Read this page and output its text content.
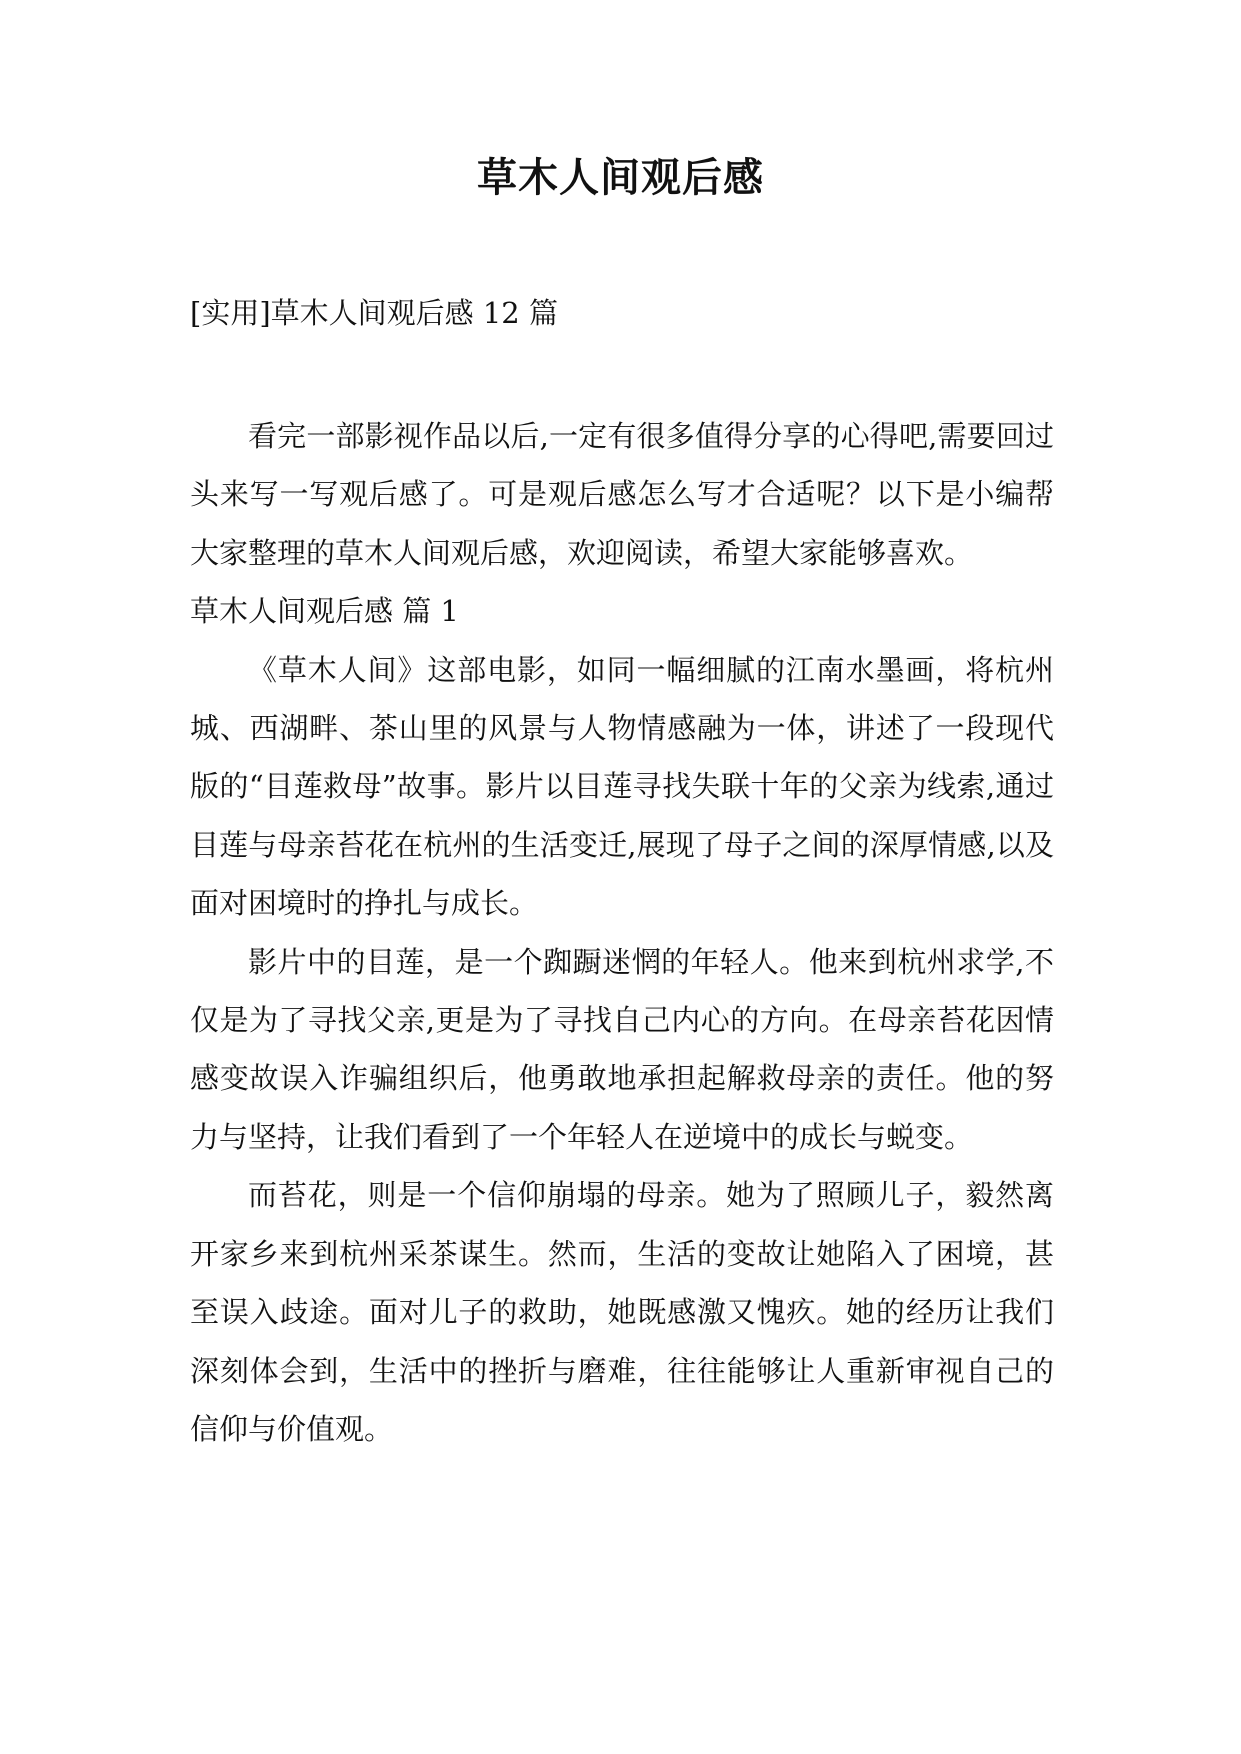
草木人间观后感
[实用]草木人间观后感 12 篇

看完一部影视作品以后,一定有很多值得分享的心得吧,需要回过头来写一写观后感了。可是观后感怎么写才合适呢？以下是小编帮大家整理的草木人间观后感，欢迎阅读，希望大家能够喜欢。

草木人间观后感 篇 1

《草木人间》这部电影，如同一幅细腻的江南水墨画，将杭州城、西湖畔、茶山里的风景与人物情感融为一体，讲述了一段现代版的“目莲救母”故事。影片以目莲寻找失联十年的父亲为线索,通过目莲与母亲苔花在杭州的生活变迁,展现了母子之间的深厚情感,以及面对困境时的挣扎与成长。

影片中的目莲，是一个踟蹰迷惘的年轻人。他来到杭州求学,不仅是为了寻找父亲,更是为了寻找自己内心的方向。在母亲苔花因情感变故误入诈骗组织后，他勇敢地承担起解救母亲的责任。他的努力与坚持，让我们看到了一个年轻人在逆境中的成长与蜕变。

而苔花，则是一个信仰崩塌的母亲。她为了照顾儿子，毅然离开家乡来到杭州采茶谋生。然而，生活的变故让她陷入了困境，甚至误入歧途。面对儿子的救助，她既感激又愧疚。她的经历让我们深刻体会到，生活中的挫折与磨难，往往能够让人重新审视自己的信仰与价值观。
